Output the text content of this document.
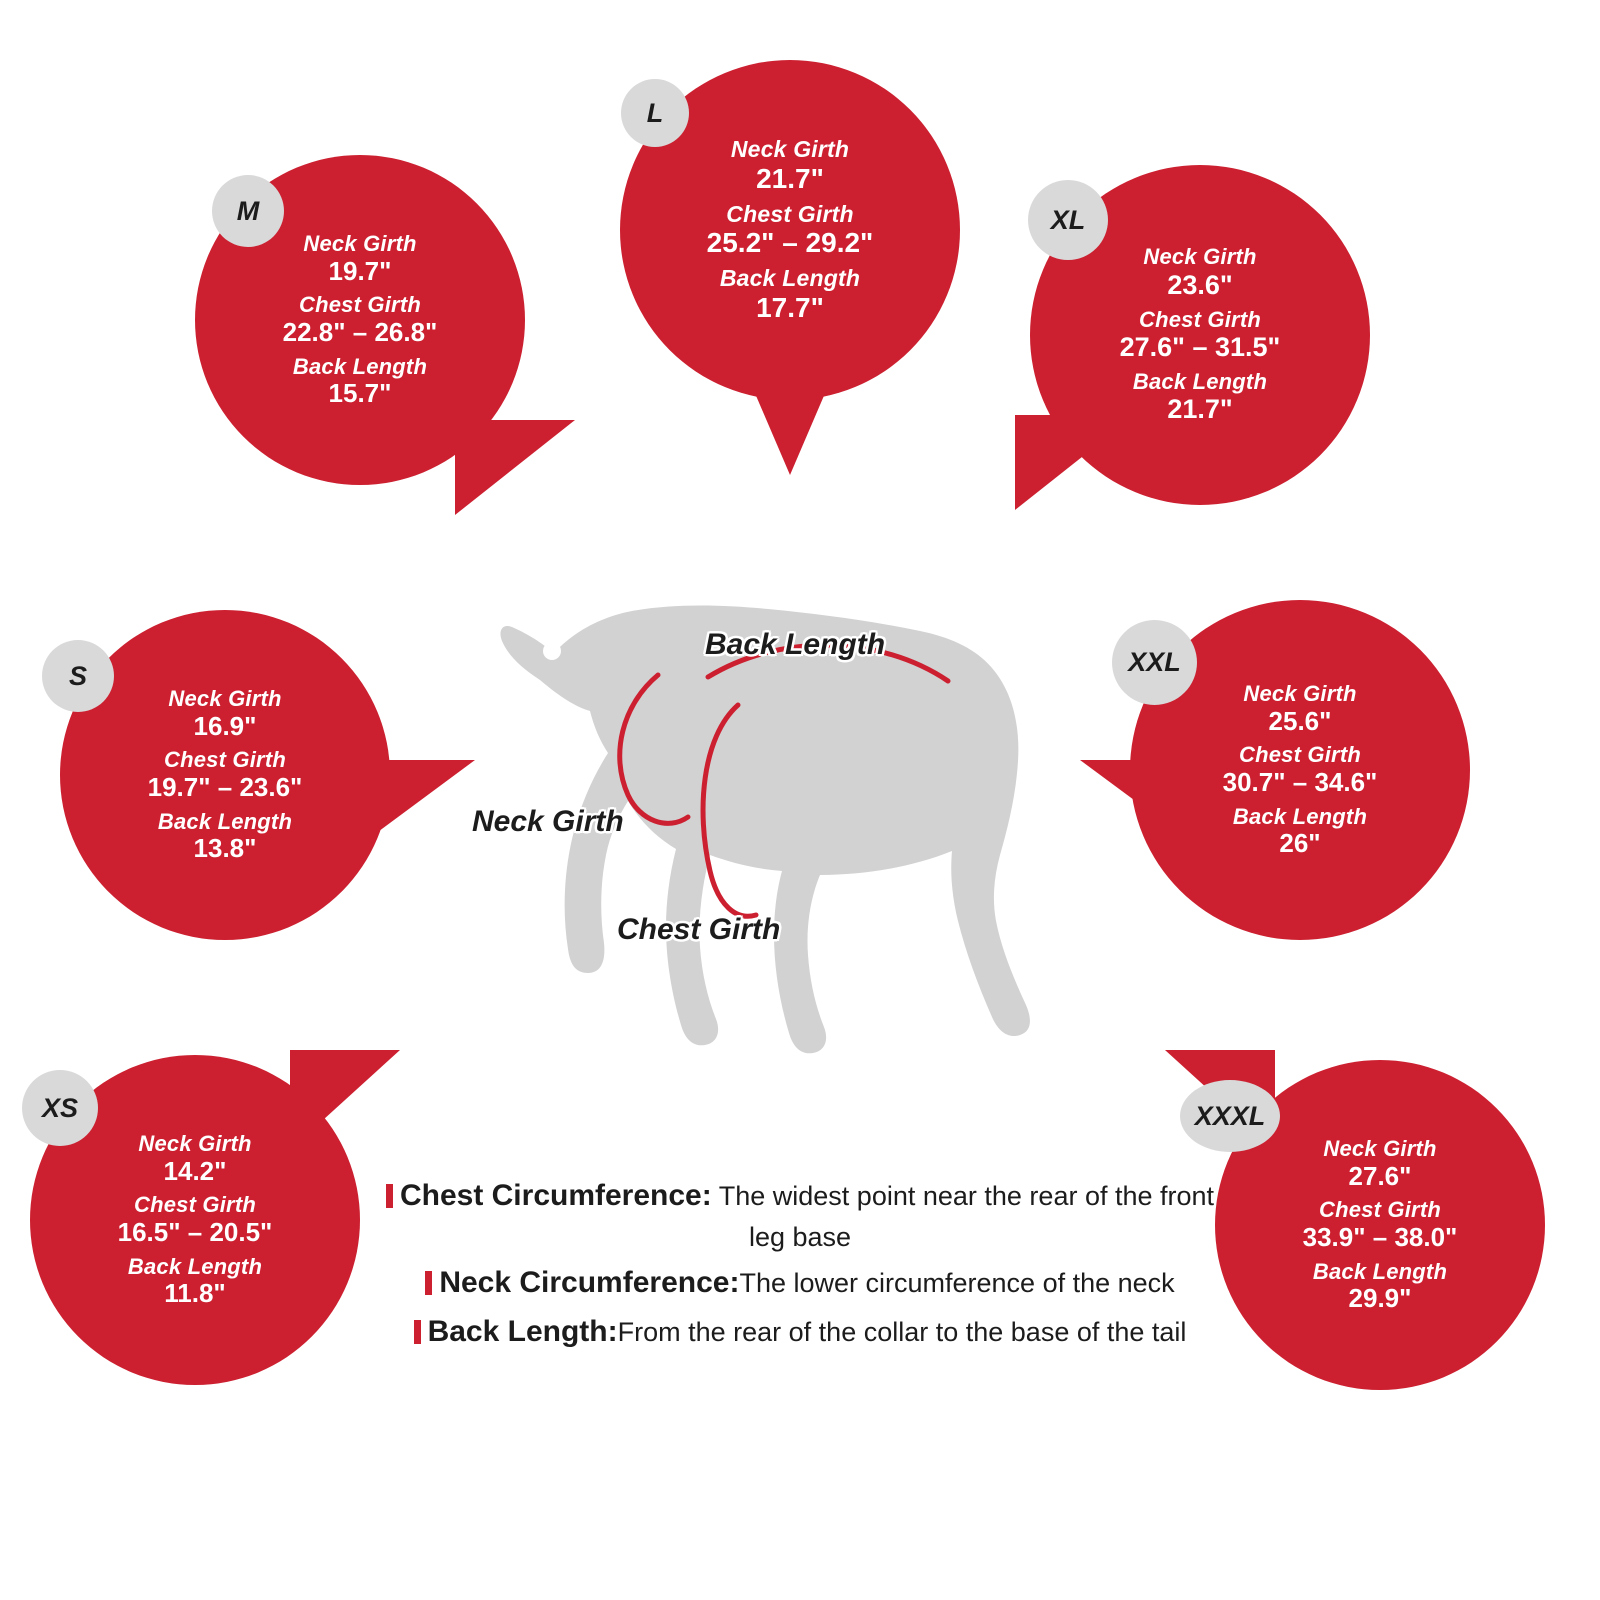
Neck Girth
19.7"
Chest Girth
22.8" – 26.8"
Back Length
15.7"
M
Neck Girth
21.7"
Chest Girth
25.2" – 29.2"
Back Length
17.7"
L
Neck Girth
23.6"
Chest Girth
27.6" – 31.5"
Back Length
21.7"
XL
Neck Girth
16.9"
Chest Girth
19.7" – 23.6"
Back Length
13.8"
S
Neck Girth
25.6"
Chest Girth
30.7" – 34.6"
Back Length
26"
XXL
Neck Girth
14.2"
Chest Girth
16.5" – 20.5"
Back Length
11.8"
XS
Neck Girth
27.6"
Chest Girth
33.9" – 38.0"
Back Length
29.9"
XXXL
Back Length
Neck Girth
Chest Girth
Chest Circumference: The widest point near the rear of the front leg base
Neck Circumference:The lower circumference of the neck
Back Length:From the rear of the collar to the base of the tail
